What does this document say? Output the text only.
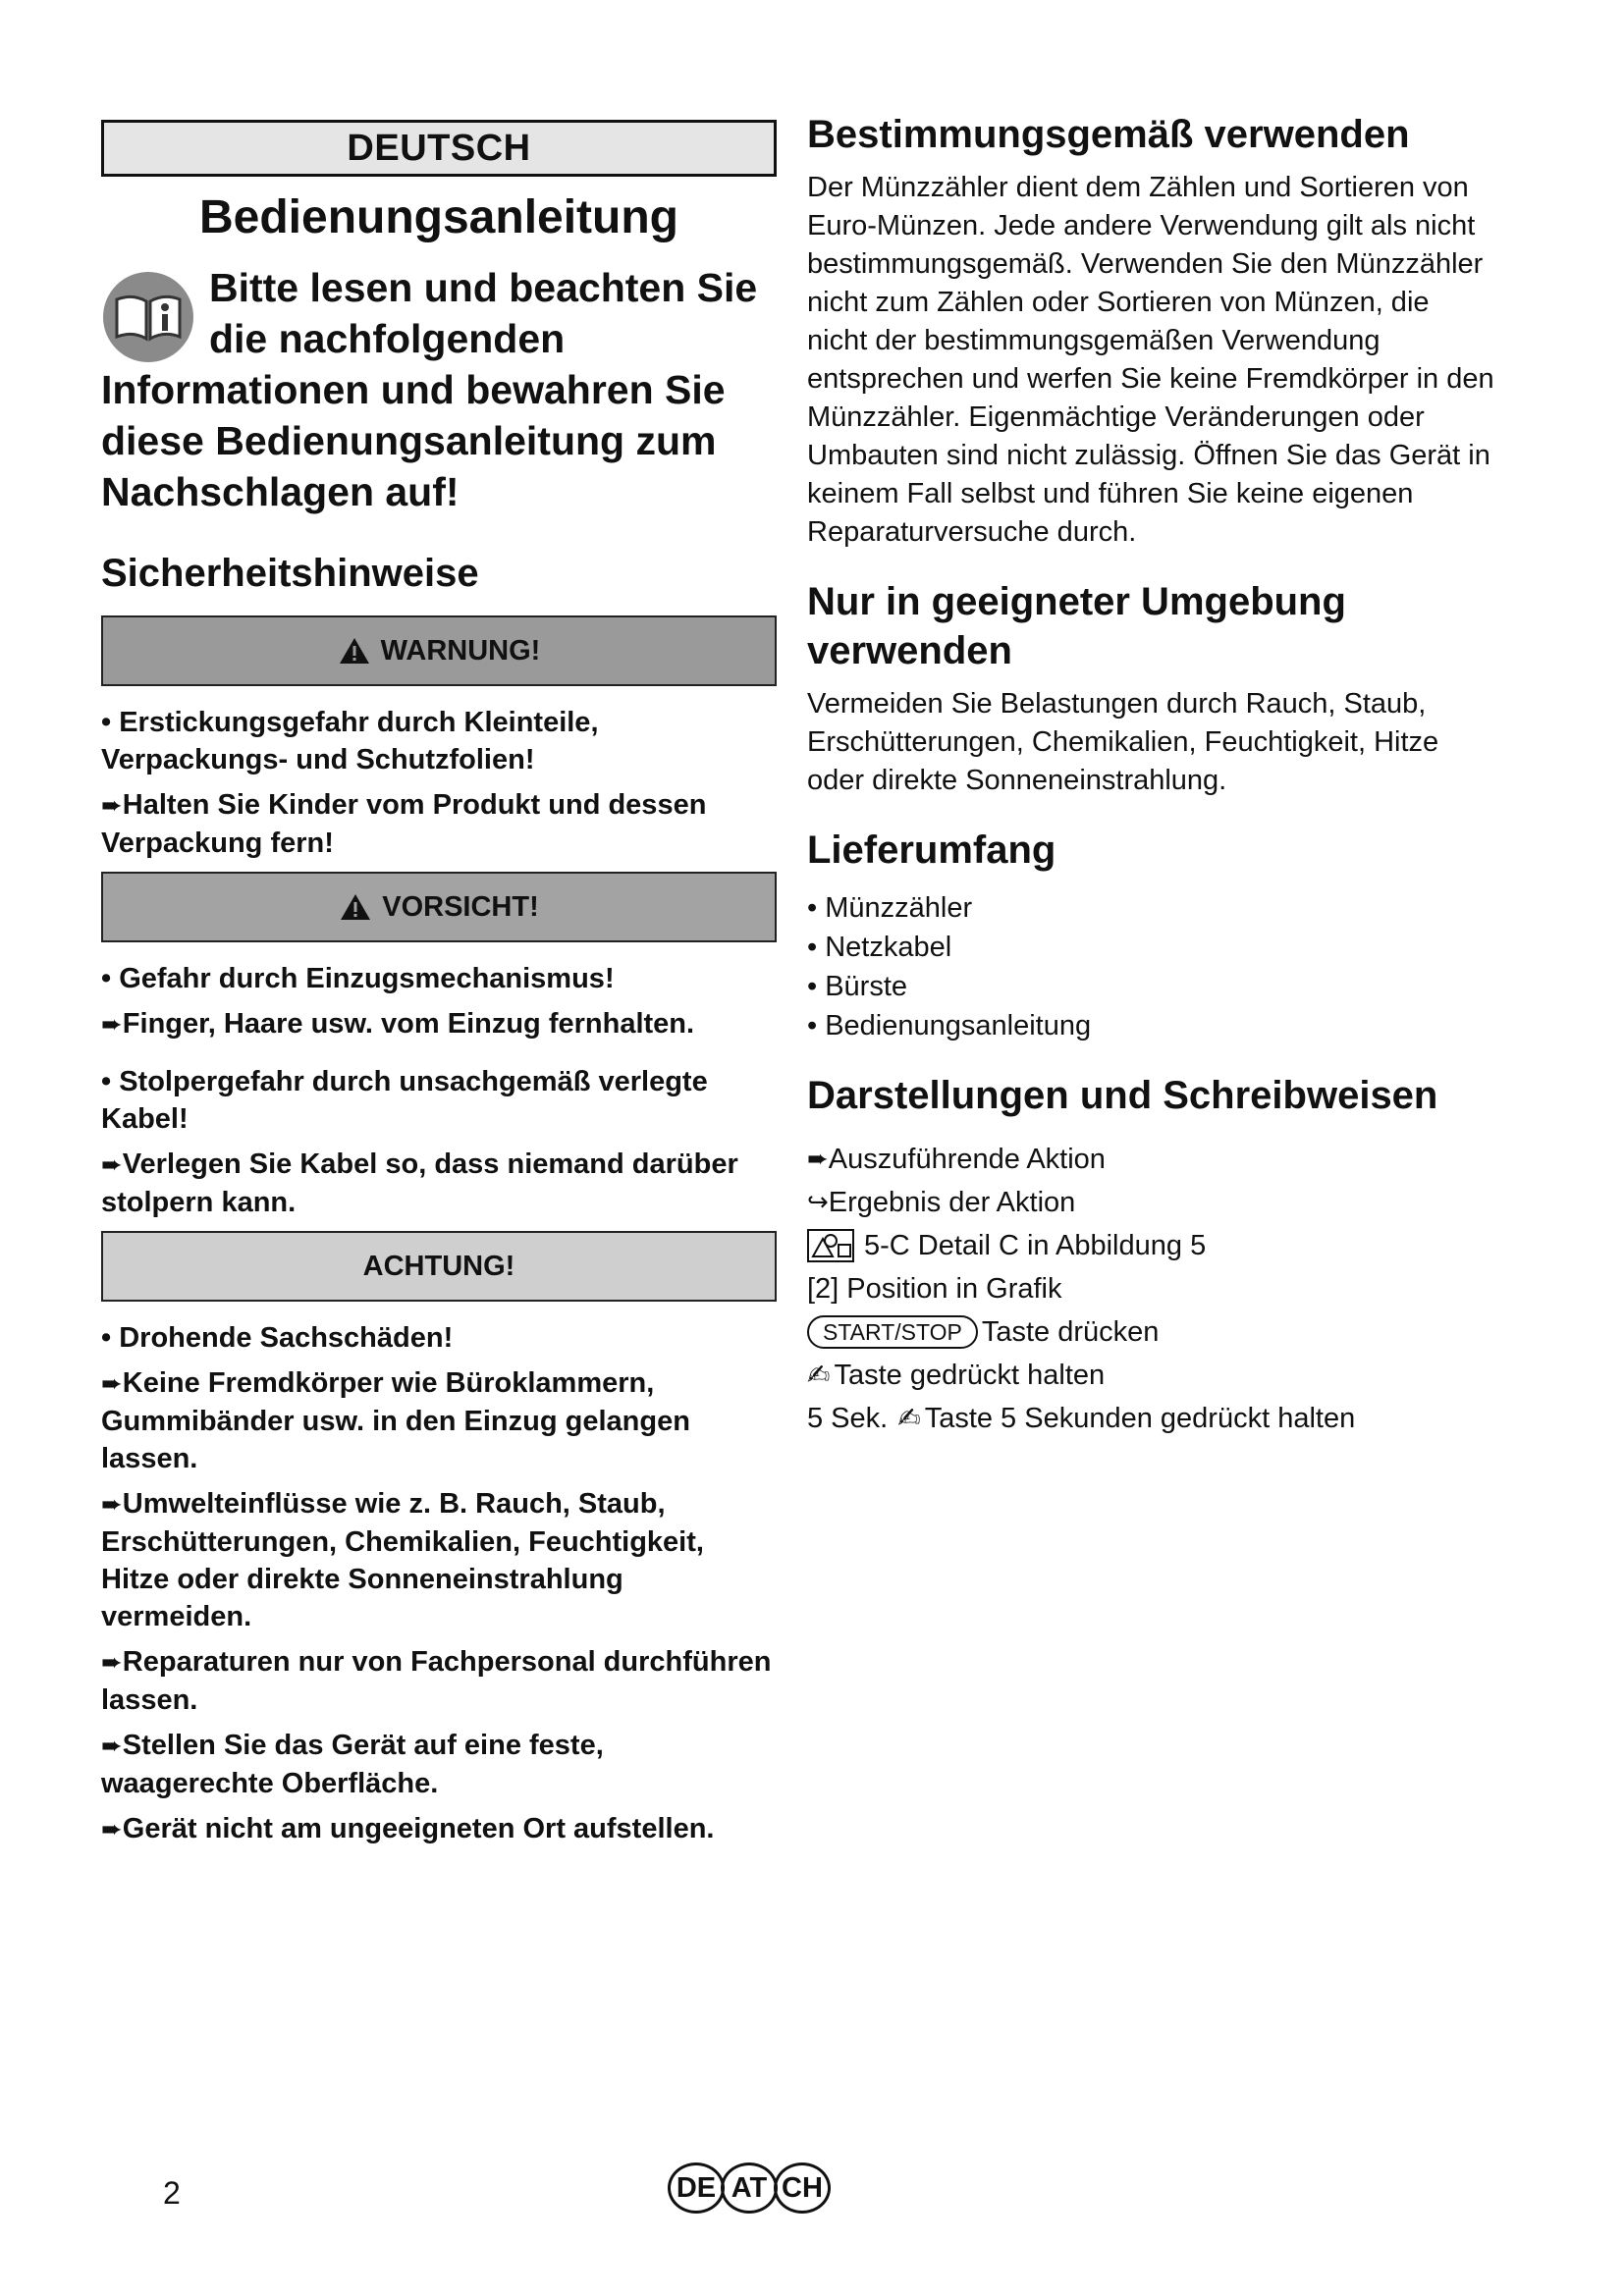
DEUTSCH
Bedienungsanleitung
Bitte lesen und beachten Sie die nachfolgenden Informationen und bewahren Sie diese Bedienungsanleitung zum Nachschlagen auf!
Sicherheitshinweise
WARNUNG!

• Erstickungsgefahr durch Kleinteile, Verpackungs- und Schutzfolien!

➨Halten Sie Kinder vom Produkt und dessen Verpackung fern!

VORSICHT!

• Gefahr durch Einzugsmechanismus!

➨Finger, Haare usw. vom Einzug fernhalten.

• Stolpergefahr durch unsachgemäß verlegte Kabel!

➨Verlegen Sie Kabel so, dass niemand darüber stolpern kann.

ACHTUNG!

• Drohende Sachschäden!

➨Keine Fremdkörper wie Büroklammern, Gummibänder usw. in den Einzug gelangen lassen.

➨Umwelteinflüsse wie z. B. Rauch, Staub, Erschütterungen, Chemikalien, Feuchtigkeit, Hitze oder direkte Sonneneinstrahlung vermeiden.

➨Reparaturen nur von Fachpersonal durchführen lassen.

➨Stellen Sie das Gerät auf eine feste, waagerechte Oberfläche.

➨Gerät nicht am ungeeigneten Ort aufstellen.

Bestimmungsgemäß verwenden

Der Münzzähler dient dem Zählen und Sortieren von Euro-Münzen. Jede andere Verwendung gilt als nicht bestimmungsgemäß. Verwenden Sie den Münzzähler nicht zum Zählen oder Sortieren von Münzen, die nicht der bestimmungsgemäßen Verwendung entsprechen und werfen Sie keine Fremdkörper in den Münzzähler. Eigenmächtige Veränderungen oder Umbauten sind nicht zulässig. Öffnen Sie das Gerät in keinem Fall selbst und führen Sie keine eigenen Reparaturversuche durch.

Nur in geeigneter Umgebung verwenden

Vermeiden Sie Belastungen durch Rauch, Staub, Erschütterungen, Chemikalien, Feuchtigkeit, Hitze oder direkte Sonneneinstrahlung.

Lieferumfang
• Münzzähler
• Netzkabel
• Bürste
• Bedienungsanleitung
Darstellungen und Schreibweisen
➨ Auszuführende Aktion
↪ Ergebnis der Aktion
5-C Detail C in Abbildung 5
[2] Position in Grafik
START/STOP Taste drücken
✍ Taste gedrückt halten
5 Sek. ✍ Taste 5 Sekunden gedrückt halten
2	DE AT CH
